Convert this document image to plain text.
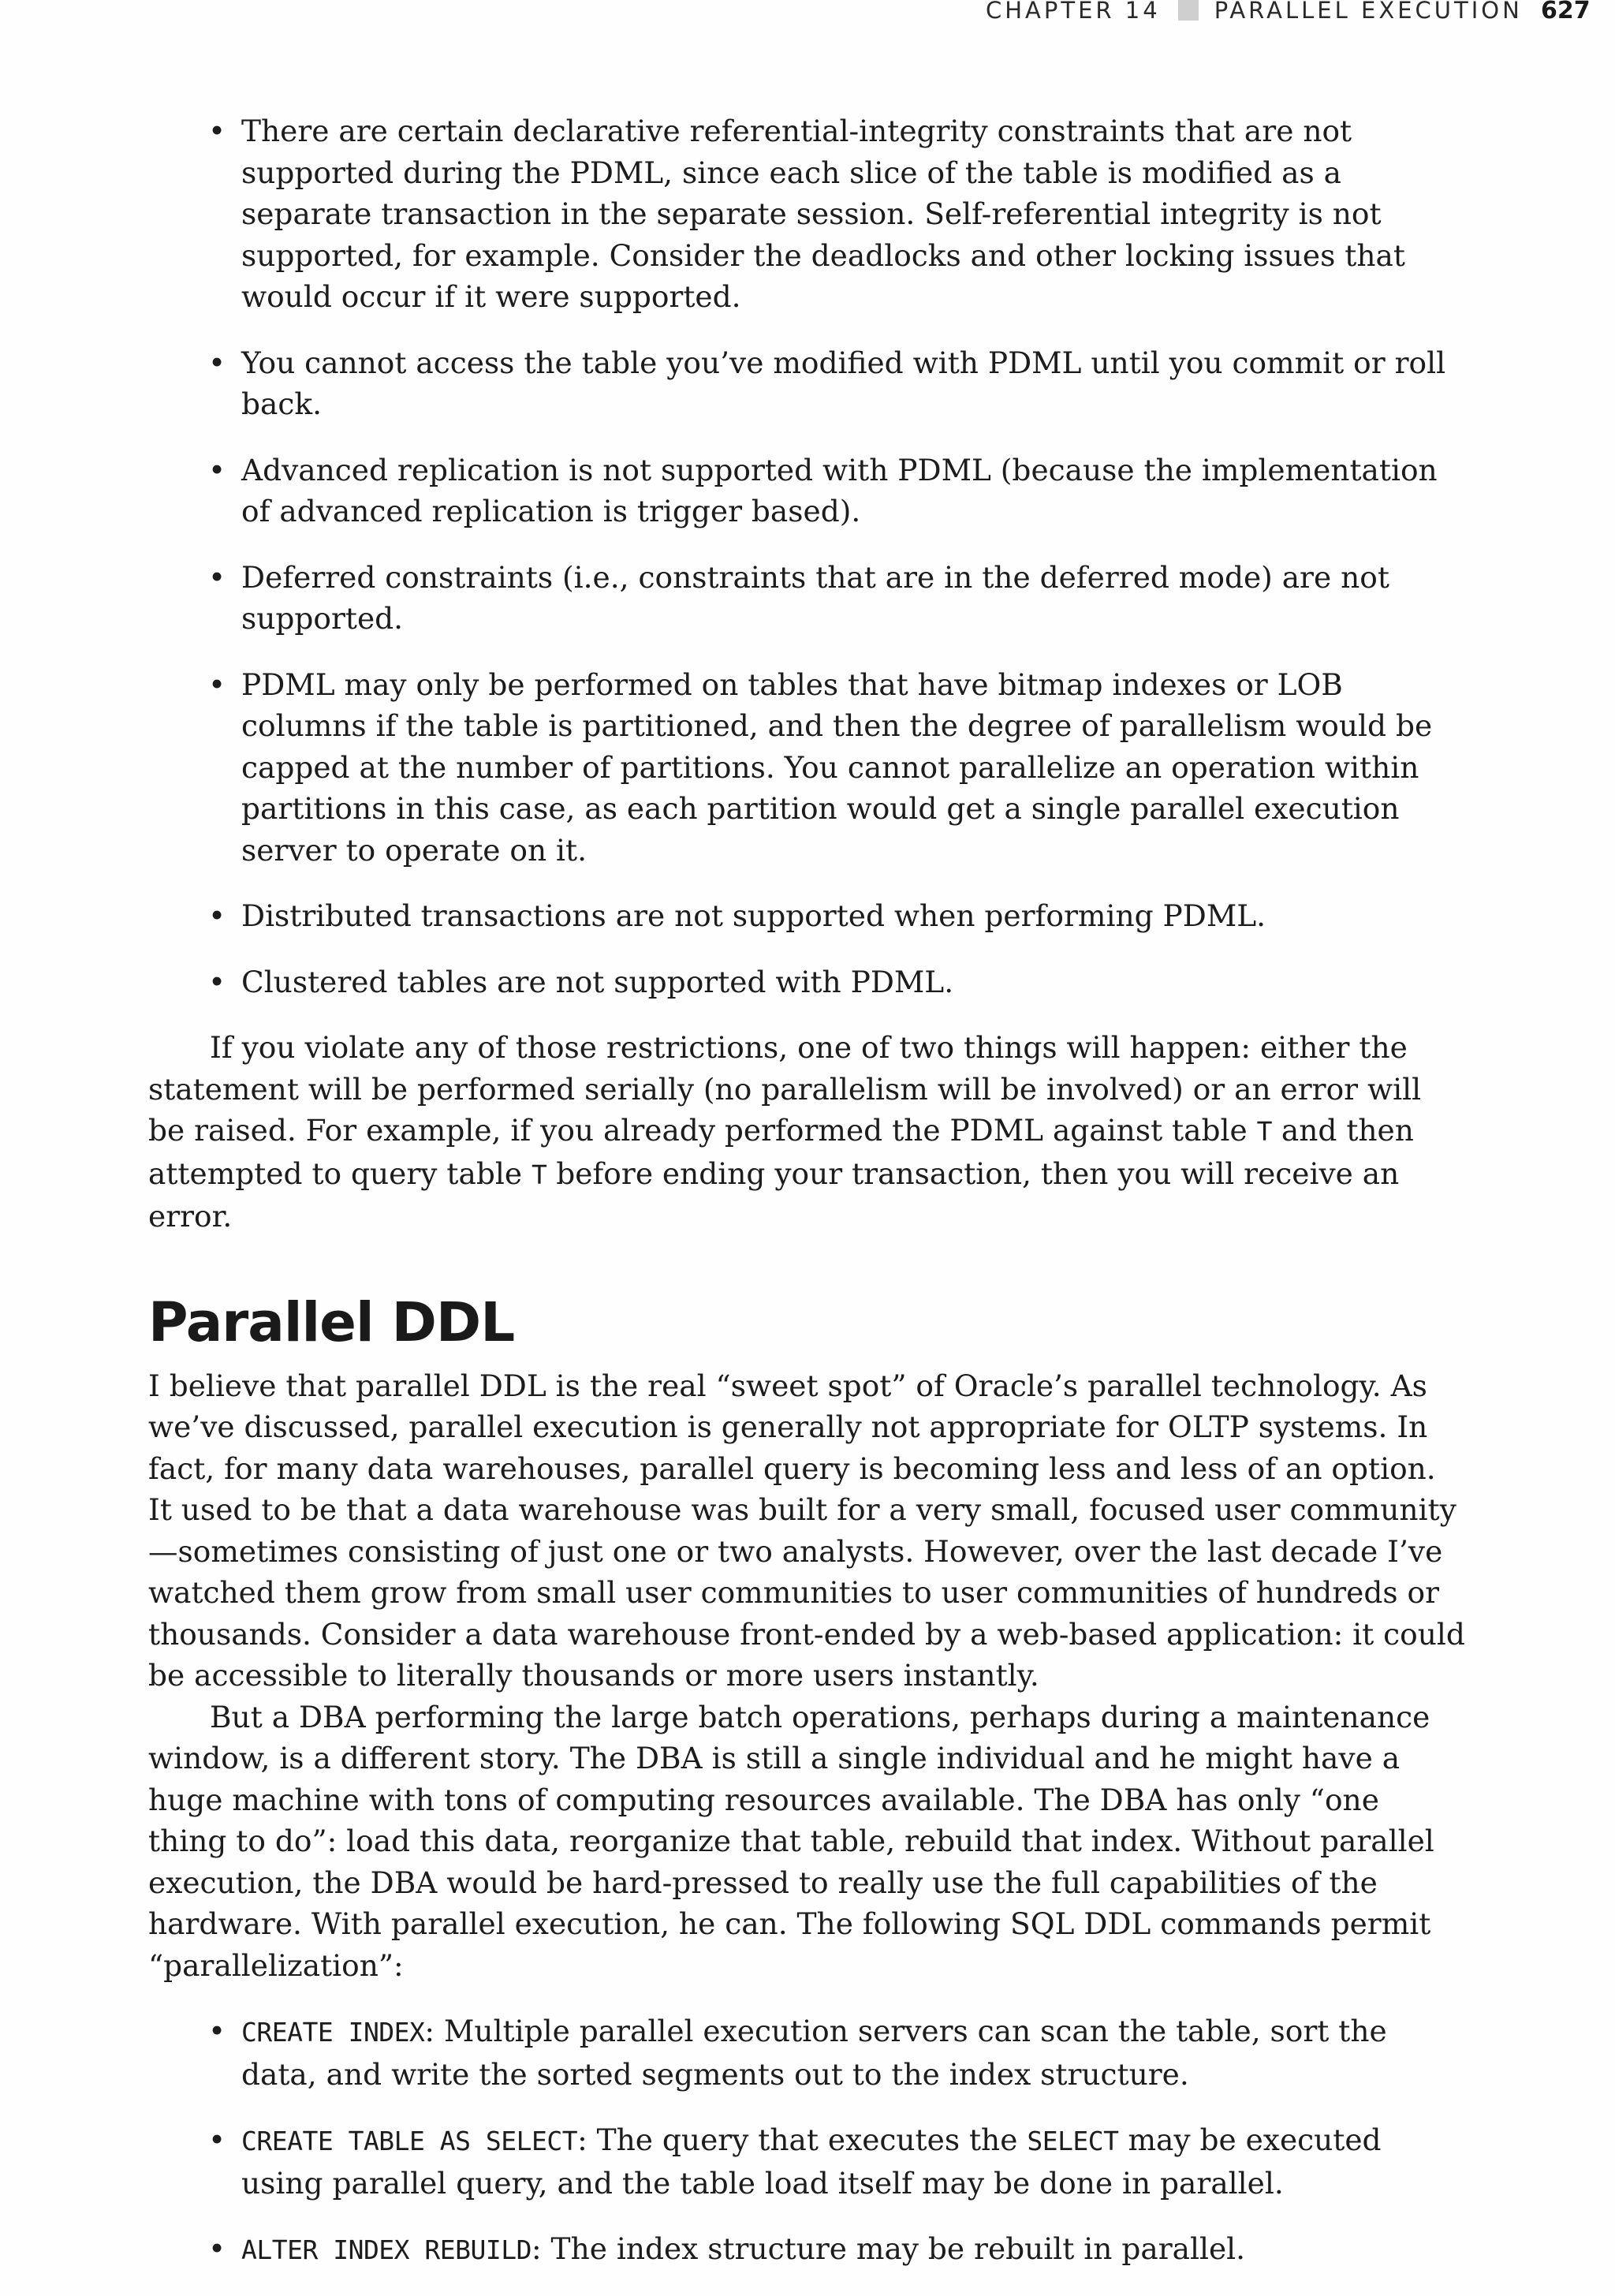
CHAPTER 14 PARALLEL EXECUTION 627
• There are certain declarative referential-integrity constraints that are not supported during the PDML, since each slice of the table is modified as a separate transaction in the separate session. Self-referential integrity is not supported, for example. Consider the deadlocks and other locking issues that would occur if it were supported.
• You cannot access the table you’ve modified with PDML until you commit or roll back.
• Advanced replication is not supported with PDML (because the implementation of advanced replication is trigger based).
• Deferred constraints (i.e., constraints that are in the deferred mode) are not supported.
• PDML may only be performed on tables that have bitmap indexes or LOB columns if the table is partitioned, and then the degree of parallelism would be capped at the number of partitions. You cannot parallelize an operation within partitions in this case, as each partition would get a single parallel execution server to operate on it.
• Distributed transactions are not supported when performing PDML.
• Clustered tables are not supported with PDML.

If you violate any of those restrictions, one of two things will happen: either the statement will be performed serially (no parallelism will be involved) or an error will be raised. For example, if you already performed the PDML against table T and then attempted to query table T before ending your transaction, then you will receive an error.

Parallel DDL

I believe that parallel DDL is the real “sweet spot” of Oracle’s parallel technology. As we’ve discussed, parallel execution is generally not appropriate for OLTP systems. In fact, for many data warehouses, parallel query is becoming less and less of an option. It used to be that a data warehouse was built for a very small, focused user community—sometimes consisting of just one or two analysts. However, over the last decade I’ve watched them grow from small user communities to user communities of hundreds or thousands. Consider a data warehouse front-ended by a web-based application: it could be accessible to literally thousands or more users instantly.

But a DBA performing the large batch operations, perhaps during a maintenance window, is a different story. The DBA is still a single individual and he might have a huge machine with tons of computing resources available. The DBA has only “one thing to do”: load this data, reorganize that table, rebuild that index. Without parallel execution, the DBA would be hard-pressed to really use the full capabilities of the hardware. With parallel execution, he can. The following SQL DDL commands permit “parallelization”:

• CREATE INDEX: Multiple parallel execution servers can scan the table, sort the data, and write the sorted segments out to the index structure.
• CREATE TABLE AS SELECT: The query that executes the SELECT may be executed using parallel query, and the table load itself may be done in parallel.
• ALTER INDEX REBUILD: The index structure may be rebuilt in parallel.
